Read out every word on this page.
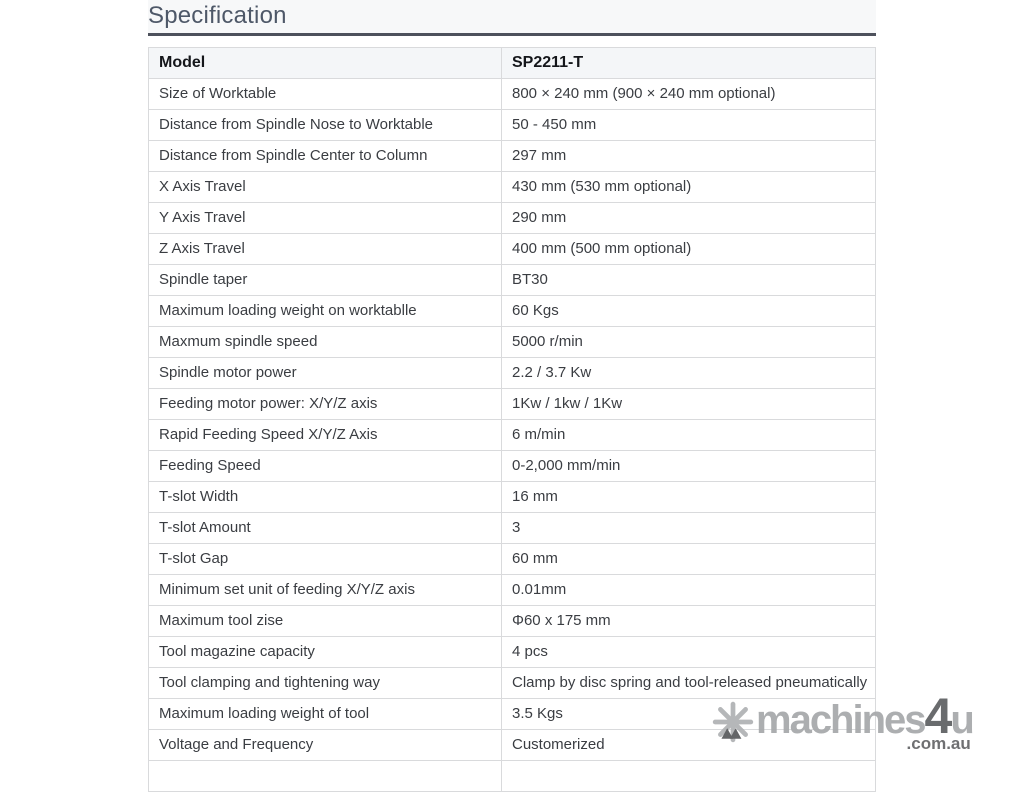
Specification
Model	SP2211-T
Size of Worktable	800 × 240 mm (900 × 240 mm optional)
Distance from Spindle Nose to Worktable	50 - 450 mm
Distance from Spindle Center to Column	297 mm
X Axis Travel	430 mm (530 mm optional)
Y Axis Travel	290 mm
Z Axis Travel	400 mm (500 mm optional)
Spindle taper	BT30
Maximum loading weight on worktablle	60 Kgs
Maxmum spindle speed	5000 r/min
Spindle motor power	2.2 / 3.7 Kw
Feeding motor power: X/Y/Z axis	1Kw / 1kw / 1Kw
Rapid Feeding Speed X/Y/Z Axis	6 m/min
Feeding Speed	0-2,000 mm/min
T-slot Width	16 mm
T-slot Amount	3
T-slot Gap	60 mm
Minimum set unit of feeding X/Y/Z axis	0.01mm
Maximum tool zise	Φ60 x 175 mm
Tool magazine capacity	4 pcs
Tool clamping and tightening way	Clamp by disc spring and tool-released pneumatically
Maximum loading weight of tool	3.5 Kgs
Voltage and Frequency	Customerized

machines 4 u
.com.au
